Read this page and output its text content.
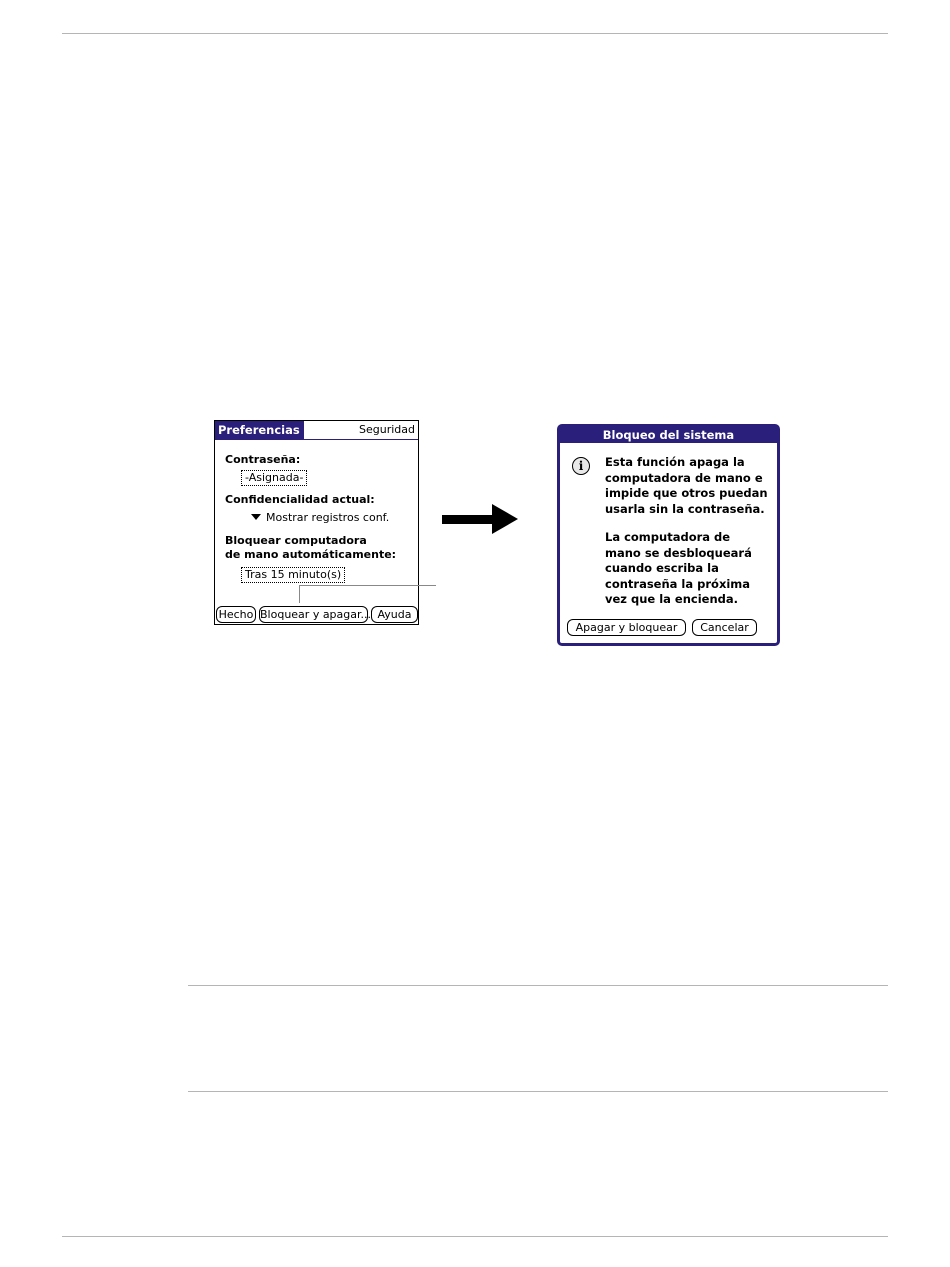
Preferencias	Seguridad
Contraseña:
-Asignada-
Confidencialidad actual:
Mostrar registros conf.
Bloquear computadora
de mano automáticamente:
Tras 15 minuto(s)
Hecho Bloquear y apagar... Ayuda
Bloqueo del sistema
i	Esta función apaga la
computadora de mano e
impide que otros puedan
usarla sin la contraseña.
La computadora de
mano se desbloqueará
cuando escriba la
contraseña la próxima
vez que la encienda.
Apagar y bloquear	Cancelar
